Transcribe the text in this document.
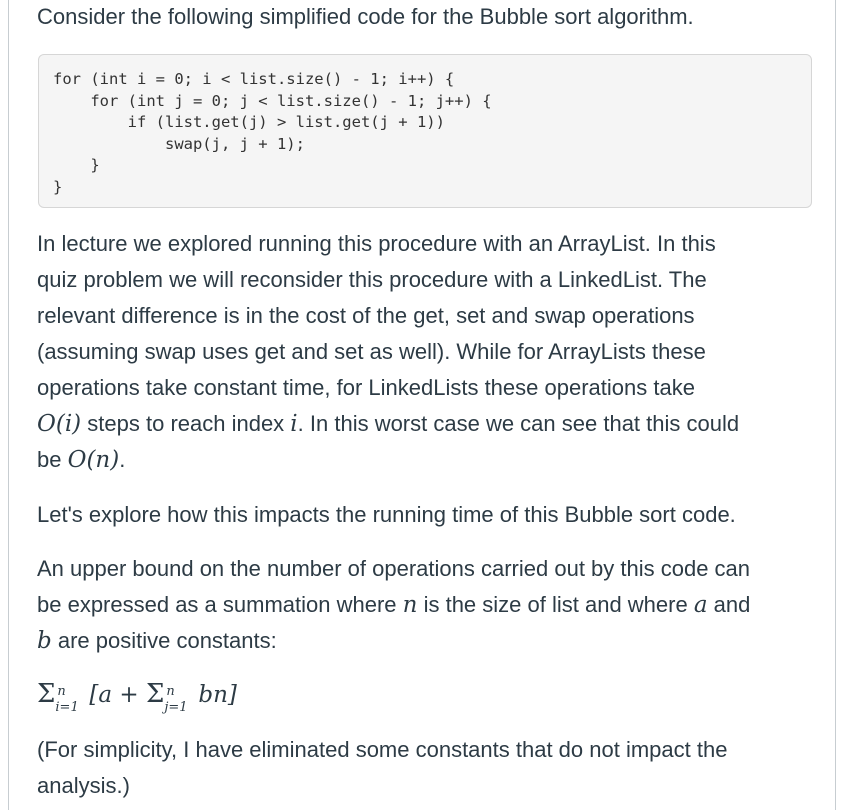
Consider the following simplified code for the Bubble sort algorithm.
for (int i = 0; i < list.size() - 1; i++) {
for (int j = 0; j < list.size() - 1; j++) {
if (list.get(j) > list.get(j + 1))
swap(j, j + 1);
}
}
In lecture we explored running this procedure with an ArrayList. In this
quiz problem we will reconsider this procedure with a LinkedList. The
relevant difference is in the cost of the get, set and swap operations
(assuming swap uses get and set as well). While for ArrayLists these
operations take constant time, for LinkedLists these operations take
O(i) steps to reach index i. In this worst case we can see that this could
be O(n).
Let's explore how this impacts the running time of this Bubble sort code.
An upper bound on the number of operations carried out by this code can
be expressed as a summation where n is the size of list and where a and
b are positive constants:
Σ n
i=1 [a + Σ n
j=1 bn]
(For simplicity, I have eliminated some constants that do not impact the
analysis.)
